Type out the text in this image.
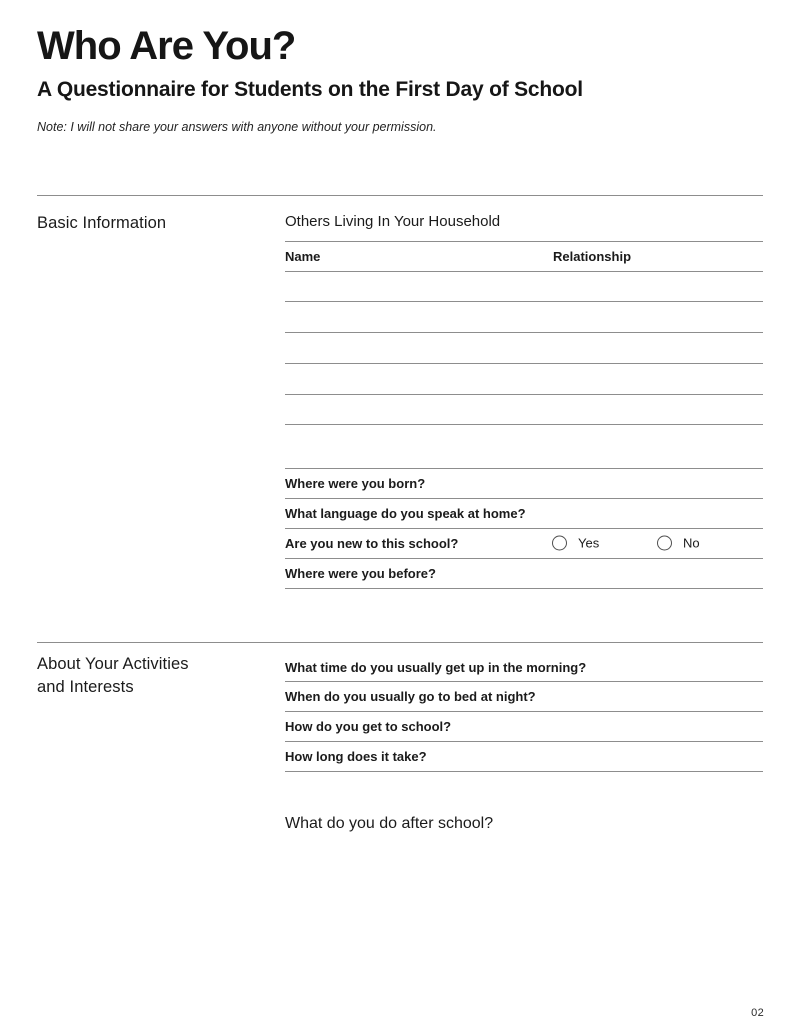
Who Are You?
A Questionnaire for Students on the First Day of School

Note: I will not share your answers with anyone without your permission.

Basic Information	Others Living In Your Household
Name	Relationship
Where were you born?
What language do you speak at home?
Are you new to this school?	Yes	No
Where were you before?
About Your Activities
and Interests
What time do you usually get up in the morning?
When do you usually go to bed at night?
How do you get to school?
How long does it take?
What do you do after school?
02
